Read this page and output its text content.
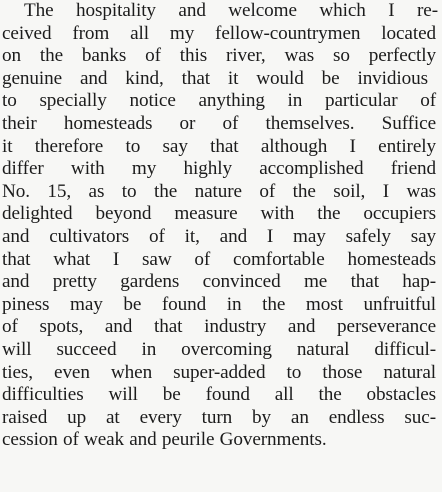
The hospitality and welcome which I re-
ceived from all my fellow-countrymen located
on the banks of this river, was so perfectly
genuine and kind, that it would be invidious
to specially notice anything in particular of
their homesteads or of themselves. Suffice
it therefore to say that although I entirely
differ with my highly accomplished friend
No. 15, as to the nature of the soil, I was
delighted beyond measure with the occupiers
and cultivators of it, and I may safely say
that what I saw of comfortable homesteads
and pretty gardens convinced me that hap-
piness may be found in the most unfruitful
of spots, and that industry and perseverance
will succeed in overcoming natural difficul-
ties, even when super-added to those natural
difficulties will be found all the obstacles
raised up at every turn by an endless suc-
cession of weak and peurile Governments.
